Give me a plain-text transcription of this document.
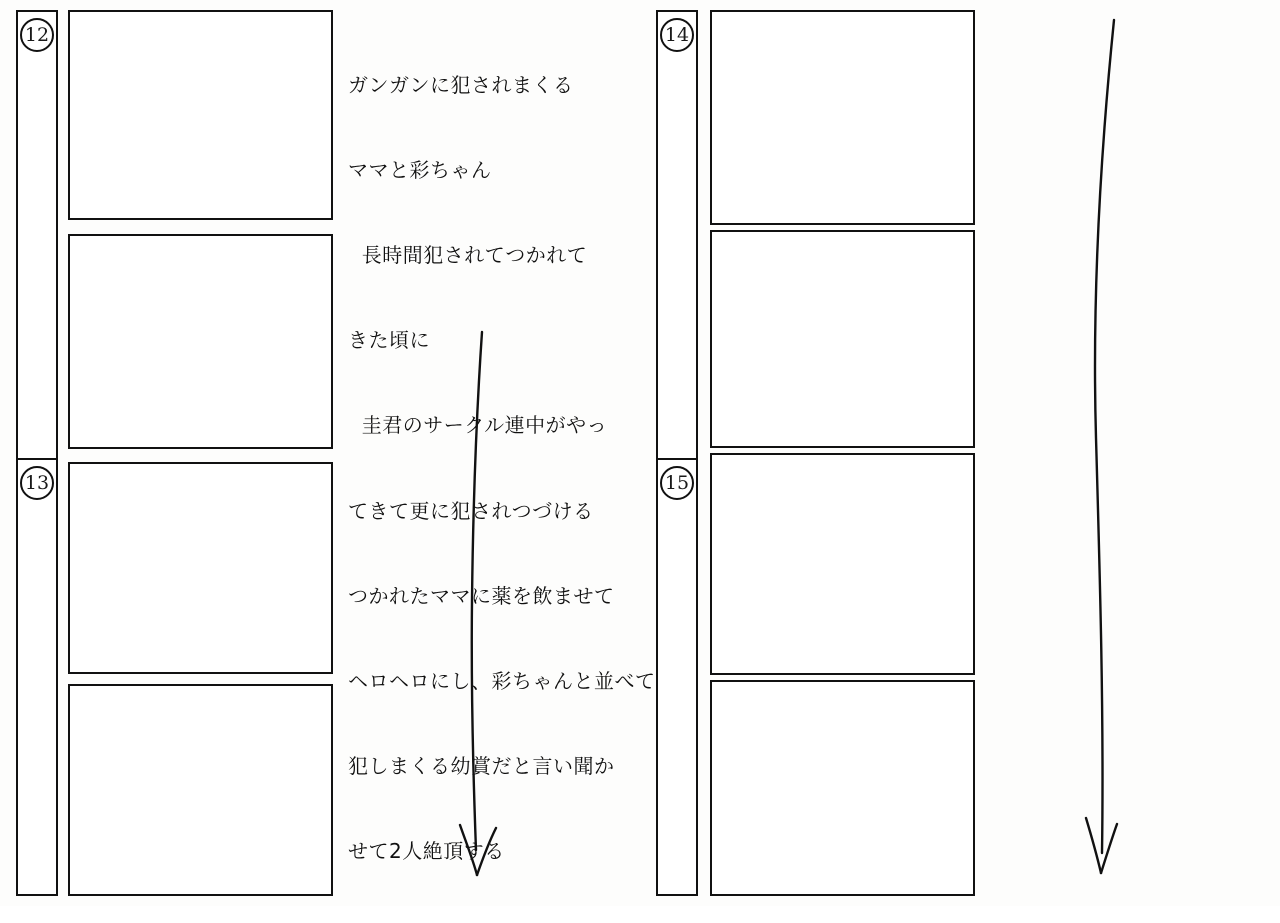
12
13

ガンガンに犯されまくる

ママと彩ちゃん

長時間犯されてつかれて

きた頃に

圭君のサークル連中がやっ

てきて更に犯されつづける

つかれたママに薬を飲ませて

ヘロヘロにし、彩ちゃんと並べて

犯しまくる幼賞だと言い聞か

せて2人絶頂する

14
15
